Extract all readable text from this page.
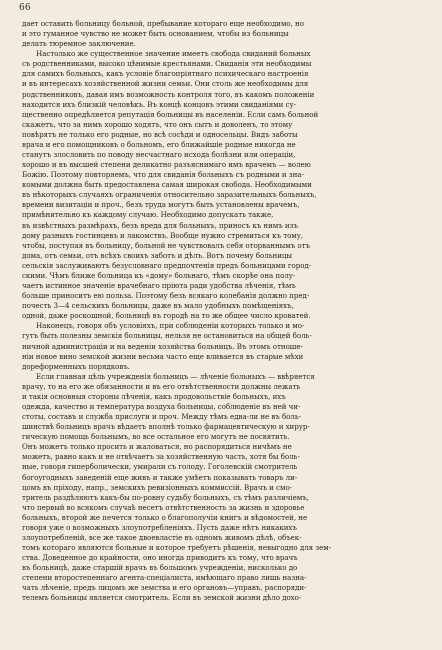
66
дает оставить больницу больной, пребывание котораго еще необходимо, но
и это гуманное чувство не может быть основанием, чтобы из больницы
делать тюремное заключение.
Настолько же существенное значение имеетъ свобода свиданий больных
съ родственниками, высоко цѣнимые крестьянами. Свиданія эти необходимы
для самихъ больныхъ, какъ условіе благопріятнаго психическаго настроенія
и въ интересахъ хозяйственной жизни семьи. Они столь же необходимы для
родственниковъ, давая имъ возможность контроля того, въ какомъ положеніи
находится ихъ близкій человѣкъ. Въ концѣ концовъ этими свиданіями су-
щественно опредѣляется репутація больницы въ населеніи. Если самъ больной
скажетъ, что за нимъ хорошо ходятъ, что онъ сытъ и доволенъ, то этому
повѣрятъ не только его родные, но всѣ сосѣди и односельцы. Видъ заботы
врача и его помощниковъ о больномъ, его ближайшіе родные никогда не
станутъ злословить по поводу несчастнаго исхода болѣзни или операціи,
хорошо и въ высшей степени деликатно разъяснимаго имъ врачемъ — волею
Божію. Поэтому повторяемъ, что для свиданія больныхъ съ родными и зна-
комыми должна быть предоставлена самая широкая свобода. Необходимыми
въ нѣкоторыхъ случаяхъ ограниченія относительно заразительныхъ больныхъ,
времени визитаціи и проч., безъ труда могутъ быть установлены врачемъ,
примѣнительно къ каждому случаю. Необходимо допускать также,
въ извѣстныхъ размѣрахъ, безъ вреда для больныхъ, приносъ къ нимъ изъ
дому разныхъ гостинцевъ и лакомствъ. Вообще нужно стремиться къ тому,
чтобы, поступая въ больницу, больной не чувствовалъ себя оторваннымъ отъ
дома, отъ семьи, отъ всѣхъ своихъ заботъ и дѣлъ. Вотъ почему больницы
сельскія заслуживаютъ безусловнаго предпочтенія предъ больницами город-
скими. Чѣмъ ближе больница къ «дому» больнаго, тѣмъ скорѣе она полу-
чаетъ истинное значеніе врачебнаго пріюта ради удобства лѣченія, тѣмъ
больше приноситъ ею польза. Поэтому безъ всякаго колебанія должно пред-
почесть 3—4 сельскихъ больницы, даже въ мало удобныхъ помѣщеніяхъ,
одной, даже роскошной, больницѣ въ городѣ на то же общее число кроватей.
Наконецъ, говоря объ условіяхъ, при соблюденіи которыхъ только и мо-
гутъ быть полезны земскія больницы, нельзя не остановиться на общей боль-
ничной администраціи и на веденіи хозяйства больницъ. Въ этомъ отноше-
ніи новое вино земской жизни весьма часто еще вливается въ старые мѣхи
дореформенныхъ порядковъ.
Если главная цѣль учрежденія больницъ — лѣченіе больныхъ — ввѣряется
врачу, то на его же обязанности и въ его отвѣтственности должны лежать
и такія основныя стороны лѣченія, какъ продовольствіе больныхъ, ихъ
одежда, качество и температура воздуха больницы, соблюденіе въ ней чи-
стоты, составъ и служба прислуги и проч. Между тѣмъ едва-ли не въ боль-
шинствѣ больницъ врачъ вѣдаетъ вполнѣ только фармацевтическую и хирур-
гическую помощь больнымъ, во все остальное его могутъ не посвятить.
Онъ можетъ только просить и жаловаться, но распорядиться ничѣмъ не
можетъ, равно какъ и не отвѣчаетъ за хозяйственную часть, хотя бы боль-
ные, говоря гиперболически, умирали съ голоду. Гоголевскій смотритель
богоугодныхъ заведеній еще живъ и также умѣетъ показывать товаръ ли-
цомъ въ пріходу, напр., земскихъ ревизіонныхъ коммиссій. Врачъ и смо-
тритель раздѣляютъ какъ-бы по-ровну судьбу больныхъ, съ тѣмъ различіемъ,
что первый во всякомъ случаѣ несетъ отвѣтственность за жизнь и здоровье
больныхъ, второй же печется только о благополучіи книгъ и вѣдомостей, не
говоря уже о возможныхъ злоупотребленіяхъ. Пусть даже нѣтъ никакихъ
злоупотребленій, все же такое двоевластіе въ одномъ живомъ дѣлѣ, объек-
томъ котораго являются больные и которое требуетъ рѣшенія, невыгодно для зем-
ства. Доведенное до крайности, оно иногда приводитъ къ тому, что врачъ
въ больницѣ, даже старшій врачъ въ большомъ учрежденіи, нисколько до
степени второстепеннаго агента-спеціалиста, имѣющаго право лишь назна-
чать лѣченіе, предъ лицомъ же земства и его органовъ—управъ, распоряди-
телемъ больницы является смотритель. Если въ земской жизни дѣло дохо-
